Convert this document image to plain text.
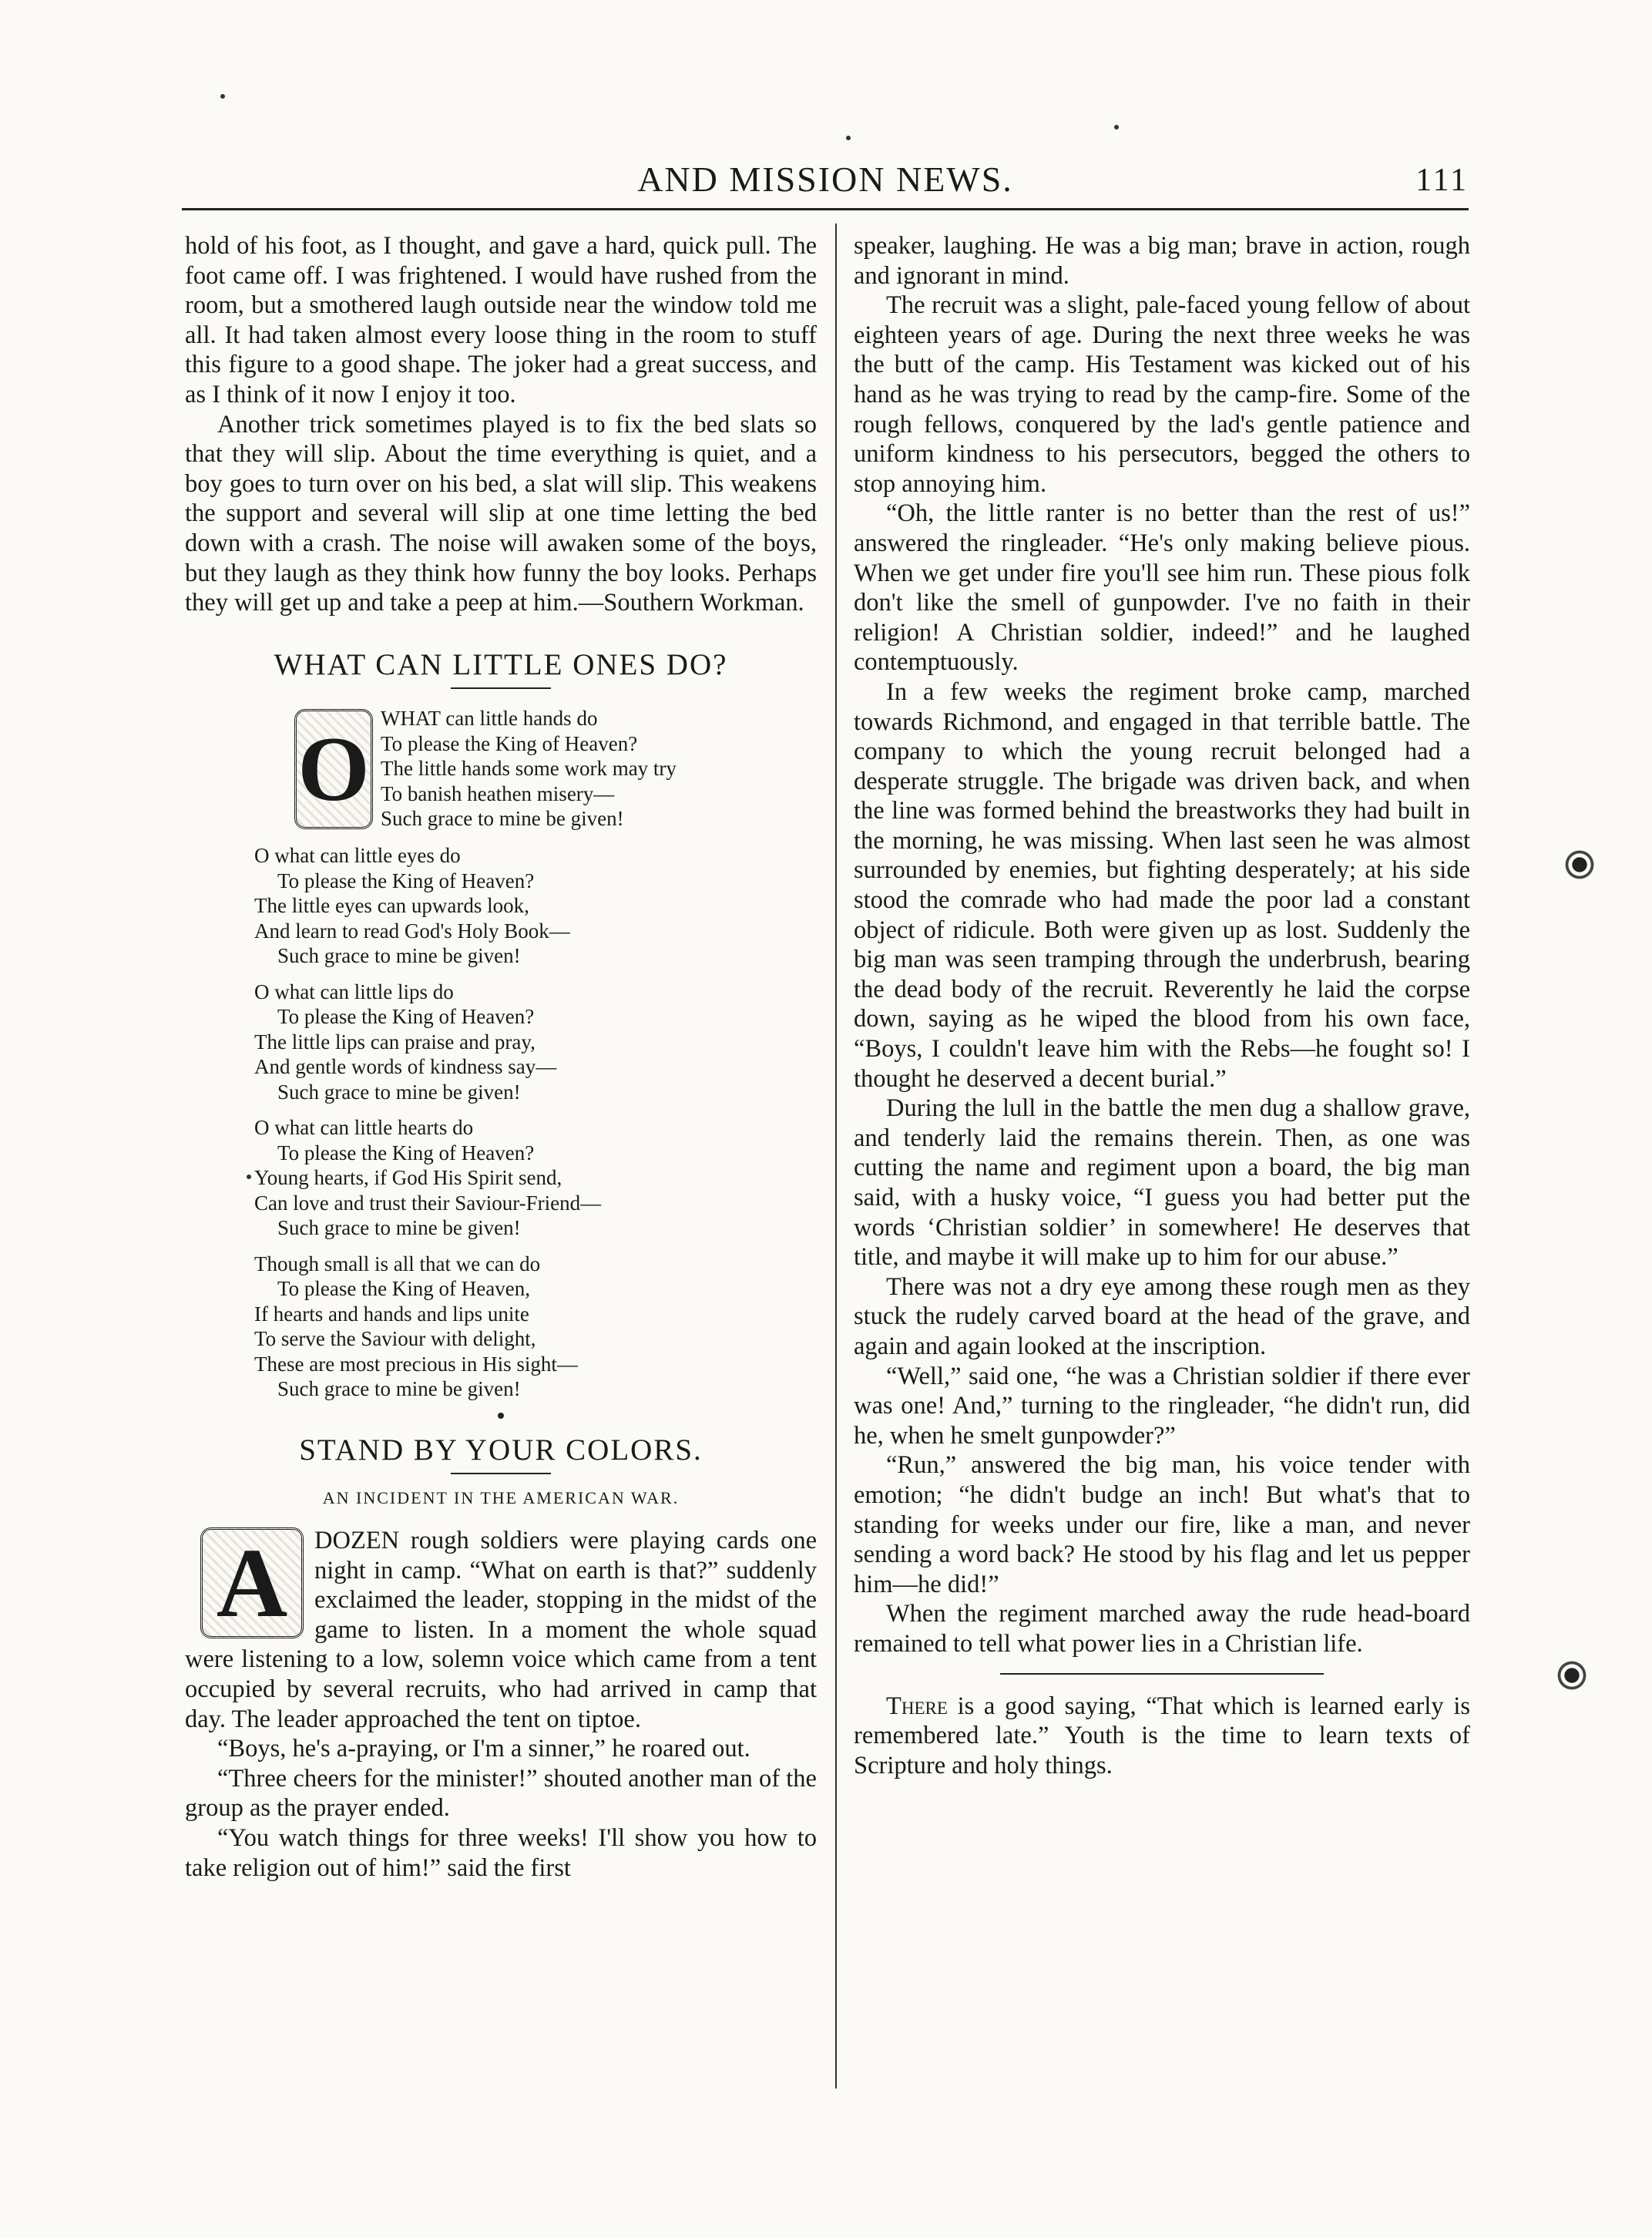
AND MISSION NEWS.	111

hold of his foot, as I thought, and gave a hard, quick pull. The foot came off. I was frightened. I would have rushed from the room, but a smothered laugh outside near the window told me all. It had taken almost every loose thing in the room to stuff this figure to a good shape. The joker had a great success, and as I think of it now I enjoy it too.

Another trick sometimes played is to fix the bed slats so that they will slip. About the time everything is quiet, and a boy goes to turn over on his bed, a slat will slip. This weakens the support and several will slip at one time letting the bed down with a crash. The noise will awaken some of the boys, but they laugh as they think how funny the boy looks. Perhaps they will get up and take a peep at him.—Southern Workman.

WHAT CAN LITTLE ONES DO?
O WHAT can little hands do
To please the King of Heaven?
The little hands some work may try
To banish heathen misery—
Such grace to mine be given!
O what can little eyes do
To please the King of Heaven?
The little eyes can upwards look,
And learn to read God's Holy Book—
Such grace to mine be given!
O what can little lips do
To please the King of Heaven?
The little lips can praise and pray,
And gentle words of kindness say—
Such grace to mine be given!
O what can little hearts do
To please the King of Heaven?
Young hearts, if God His Spirit send,
Can love and trust their Saviour-Friend—
Such grace to mine be given!
Though small is all that we can do
To please the King of Heaven,
If hearts and hands and lips unite
To serve the Saviour with delight,
These are most precious in His sight—
Such grace to mine be given!
STAND BY YOUR COLORS.
AN INCIDENT IN THE AMERICAN WAR.
A	DOZEN rough soldiers were playing cards one night in camp. “What on earth is that?” suddenly exclaimed the leader, stopping in the midst of the game to listen. In a moment the whole squad were listening to a low, solemn voice which came from a tent occupied by several recruits, who had arrived in camp that day. The leader approached the tent on tiptoe.

“Boys, he's a-praying, or I'm a sinner,” he roared out.

“Three cheers for the minister!” shouted another man of the group as the prayer ended.

“You watch things for three weeks! I'll show you how to take religion out of him!” said the first

speaker, laughing. He was a big man; brave in action, rough and ignorant in mind.

The recruit was a slight, pale-faced young fellow of about eighteen years of age. During the next three weeks he was the butt of the camp. His Testament was kicked out of his hand as he was trying to read by the camp-fire. Some of the rough fellows, conquered by the lad's gentle patience and uniform kindness to his persecutors, begged the others to stop annoying him.

“Oh, the little ranter is no better than the rest of us!” answered the ringleader. “He's only making believe pious. When we get under fire you'll see him run. These pious folk don't like the smell of gunpowder. I've no faith in their religion! A Christian soldier, indeed!” and he laughed contemptuously.

In a few weeks the regiment broke camp, marched towards Richmond, and engaged in that terrible battle. The company to which the young recruit belonged had a desperate struggle. The brigade was driven back, and when the line was formed behind the breastworks they had built in the morning, he was missing. When last seen he was almost surrounded by enemies, but fighting desperately; at his side stood the comrade who had made the poor lad a constant object of ridicule. Both were given up as lost. Suddenly the big man was seen tramping through the underbrush, bearing the dead body of the recruit. Reverently he laid the corpse down, saying as he wiped the blood from his own face, “Boys, I couldn't leave him with the Rebs—he fought so! I thought he deserved a decent burial.”

During the lull in the battle the men dug a shallow grave, and tenderly laid the remains therein. Then, as one was cutting the name and regiment upon a board, the big man said, with a husky voice, “I guess you had better put the words ‘Christian soldier’ in somewhere! He deserves that title, and maybe it will make up to him for our abuse.”

There was not a dry eye among these rough men as they stuck the rudely carved board at the head of the grave, and again and again looked at the inscription.

“Well,” said one, “he was a Christian soldier if there ever was one! And,” turning to the ringleader, “he didn't run, did he, when he smelt gunpowder?”

“Run,” answered the big man, his voice tender with emotion; “he didn't budge an inch! But what's that to standing for weeks under our fire, like a man, and never sending a word back? He stood by his flag and let us pepper him—he did!”

When the regiment marched away the rude head-board remained to tell what power lies in a Christian life.

There is a good saying, “That which is learned early is remembered late.” Youth is the time to learn texts of Scripture and holy things.
